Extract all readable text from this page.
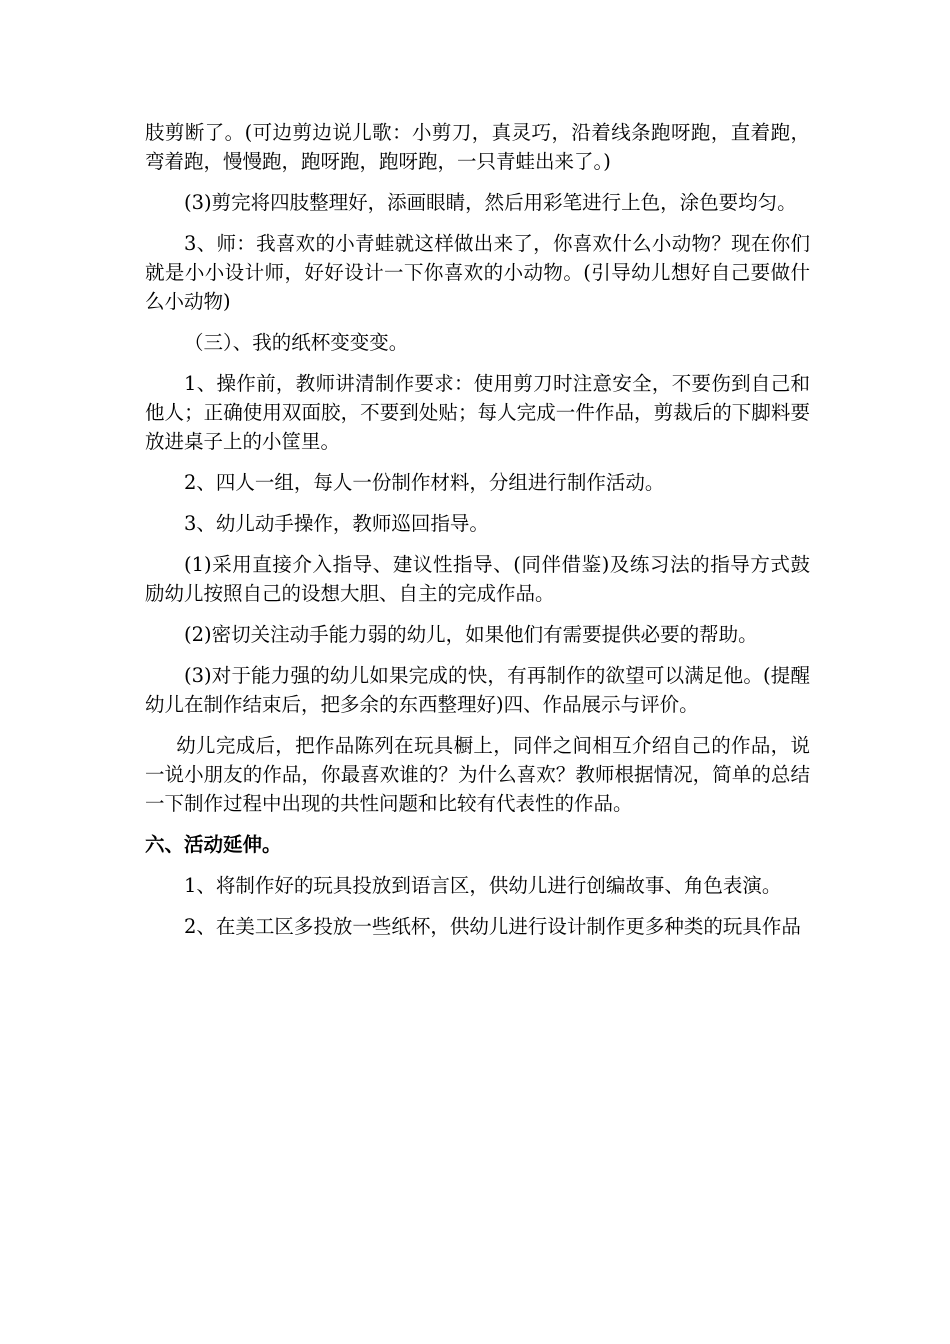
肢剪断了。(可边剪边说儿歌：小剪刀，真灵巧，沿着线条跑呀跑，直着跑，弯着跑，慢慢跑，跑呀跑，跑呀跑，一只青蛙出来了。)

(3)剪完将四肢整理好，添画眼睛，然后用彩笔进行上色，涂色要均匀。

3、师：我喜欢的小青蛙就这样做出来了，你喜欢什么小动物？现在你们就是小小设计师，好好设计一下你喜欢的小动物。(引导幼儿想好自己要做什么小动物)

（三）、我的纸杯变变变。

1、操作前，教师讲清制作要求：使用剪刀时注意安全，不要伤到自己和他人；正确使用双面胶，不要到处贴；每人完成一件作品，剪裁后的下脚料要放进桌子上的小筐里。

2、四人一组，每人一份制作材料，分组进行制作活动。

3、幼儿动手操作，教师巡回指导。

(1)采用直接介入指导、建议性指导、(同伴借鉴)及练习法的指导方式鼓励幼儿按照自己的设想大胆、自主的完成作品。

(2)密切关注动手能力弱的幼儿，如果他们有需要提供必要的帮助。

(3)对于能力强的幼儿如果完成的快，有再制作的欲望可以满足他。(提醒幼儿在制作结束后，把多余的东西整理好)四、作品展示与评价。

幼儿完成后，把作品陈列在玩具橱上，同伴之间相互介绍自己的作品，说一说小朋友的作品，你最喜欢谁的？为什么喜欢？教师根据情况，简单的总结一下制作过程中出现的共性问题和比较有代表性的作品。

六、活动延伸。

1、将制作好的玩具投放到语言区，供幼儿进行创编故事、角色表演。

2、在美工区多投放一些纸杯，供幼儿进行设计制作更多种类的玩具作品
